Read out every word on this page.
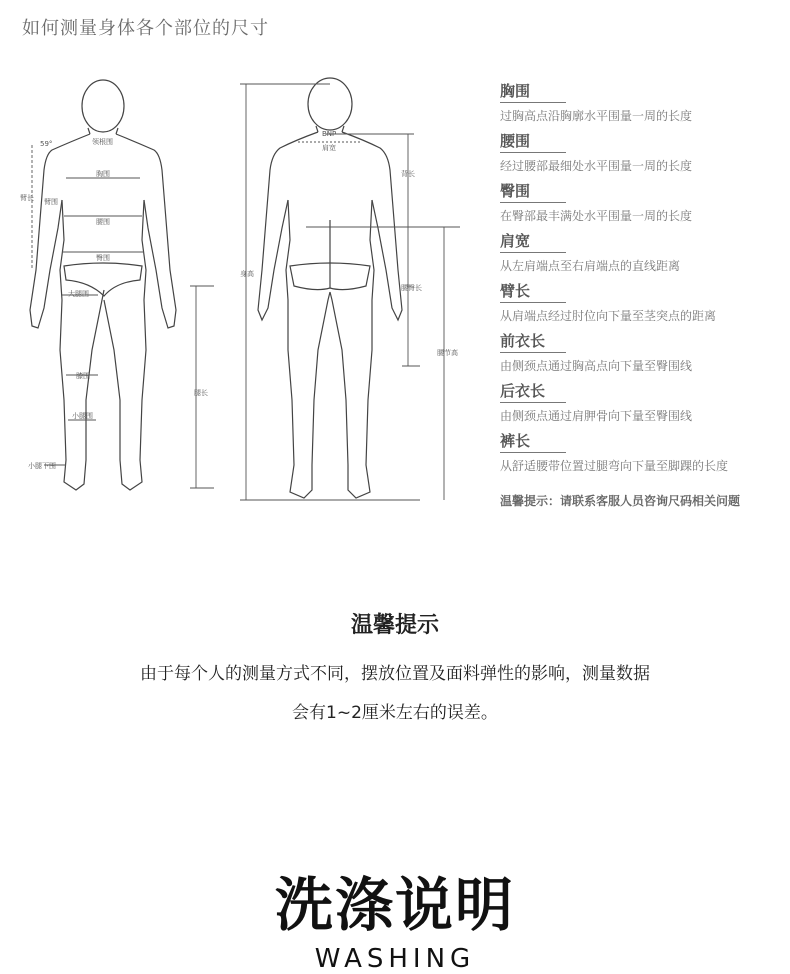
如何测量身体各个部位的尺寸
59°	领根围
胸围
臂围
臂长
腰围
臀围
大腿围
膝围
小腿围
小腿下围
腿长
BNP
肩宽
背长
身高
腰臀长
腰节高
胸围
过胸高点沿胸廓水平围量一周的长度
腰围
经过腰部最细处水平围量一周的长度
臀围
在臀部最丰满处水平围量一周的长度
肩宽
从左肩端点至右肩端点的直线距离
臂长
从肩端点经过肘位向下量至茎突点的距离
前衣长
由侧颈点通过胸高点向下量至臀围线
后衣长
由侧颈点通过肩胛骨向下量至臀围线
裤长
从舒适腰带位置过腿弯向下量至脚踝的长度
温馨提示：请联系客服人员咨询尺码相关问题
温馨提示
由于每个人的测量方式不同，摆放位置及面料弹性的影响，测量数据
会有1~2厘米左右的误差。
洗涤说明
WASHING
